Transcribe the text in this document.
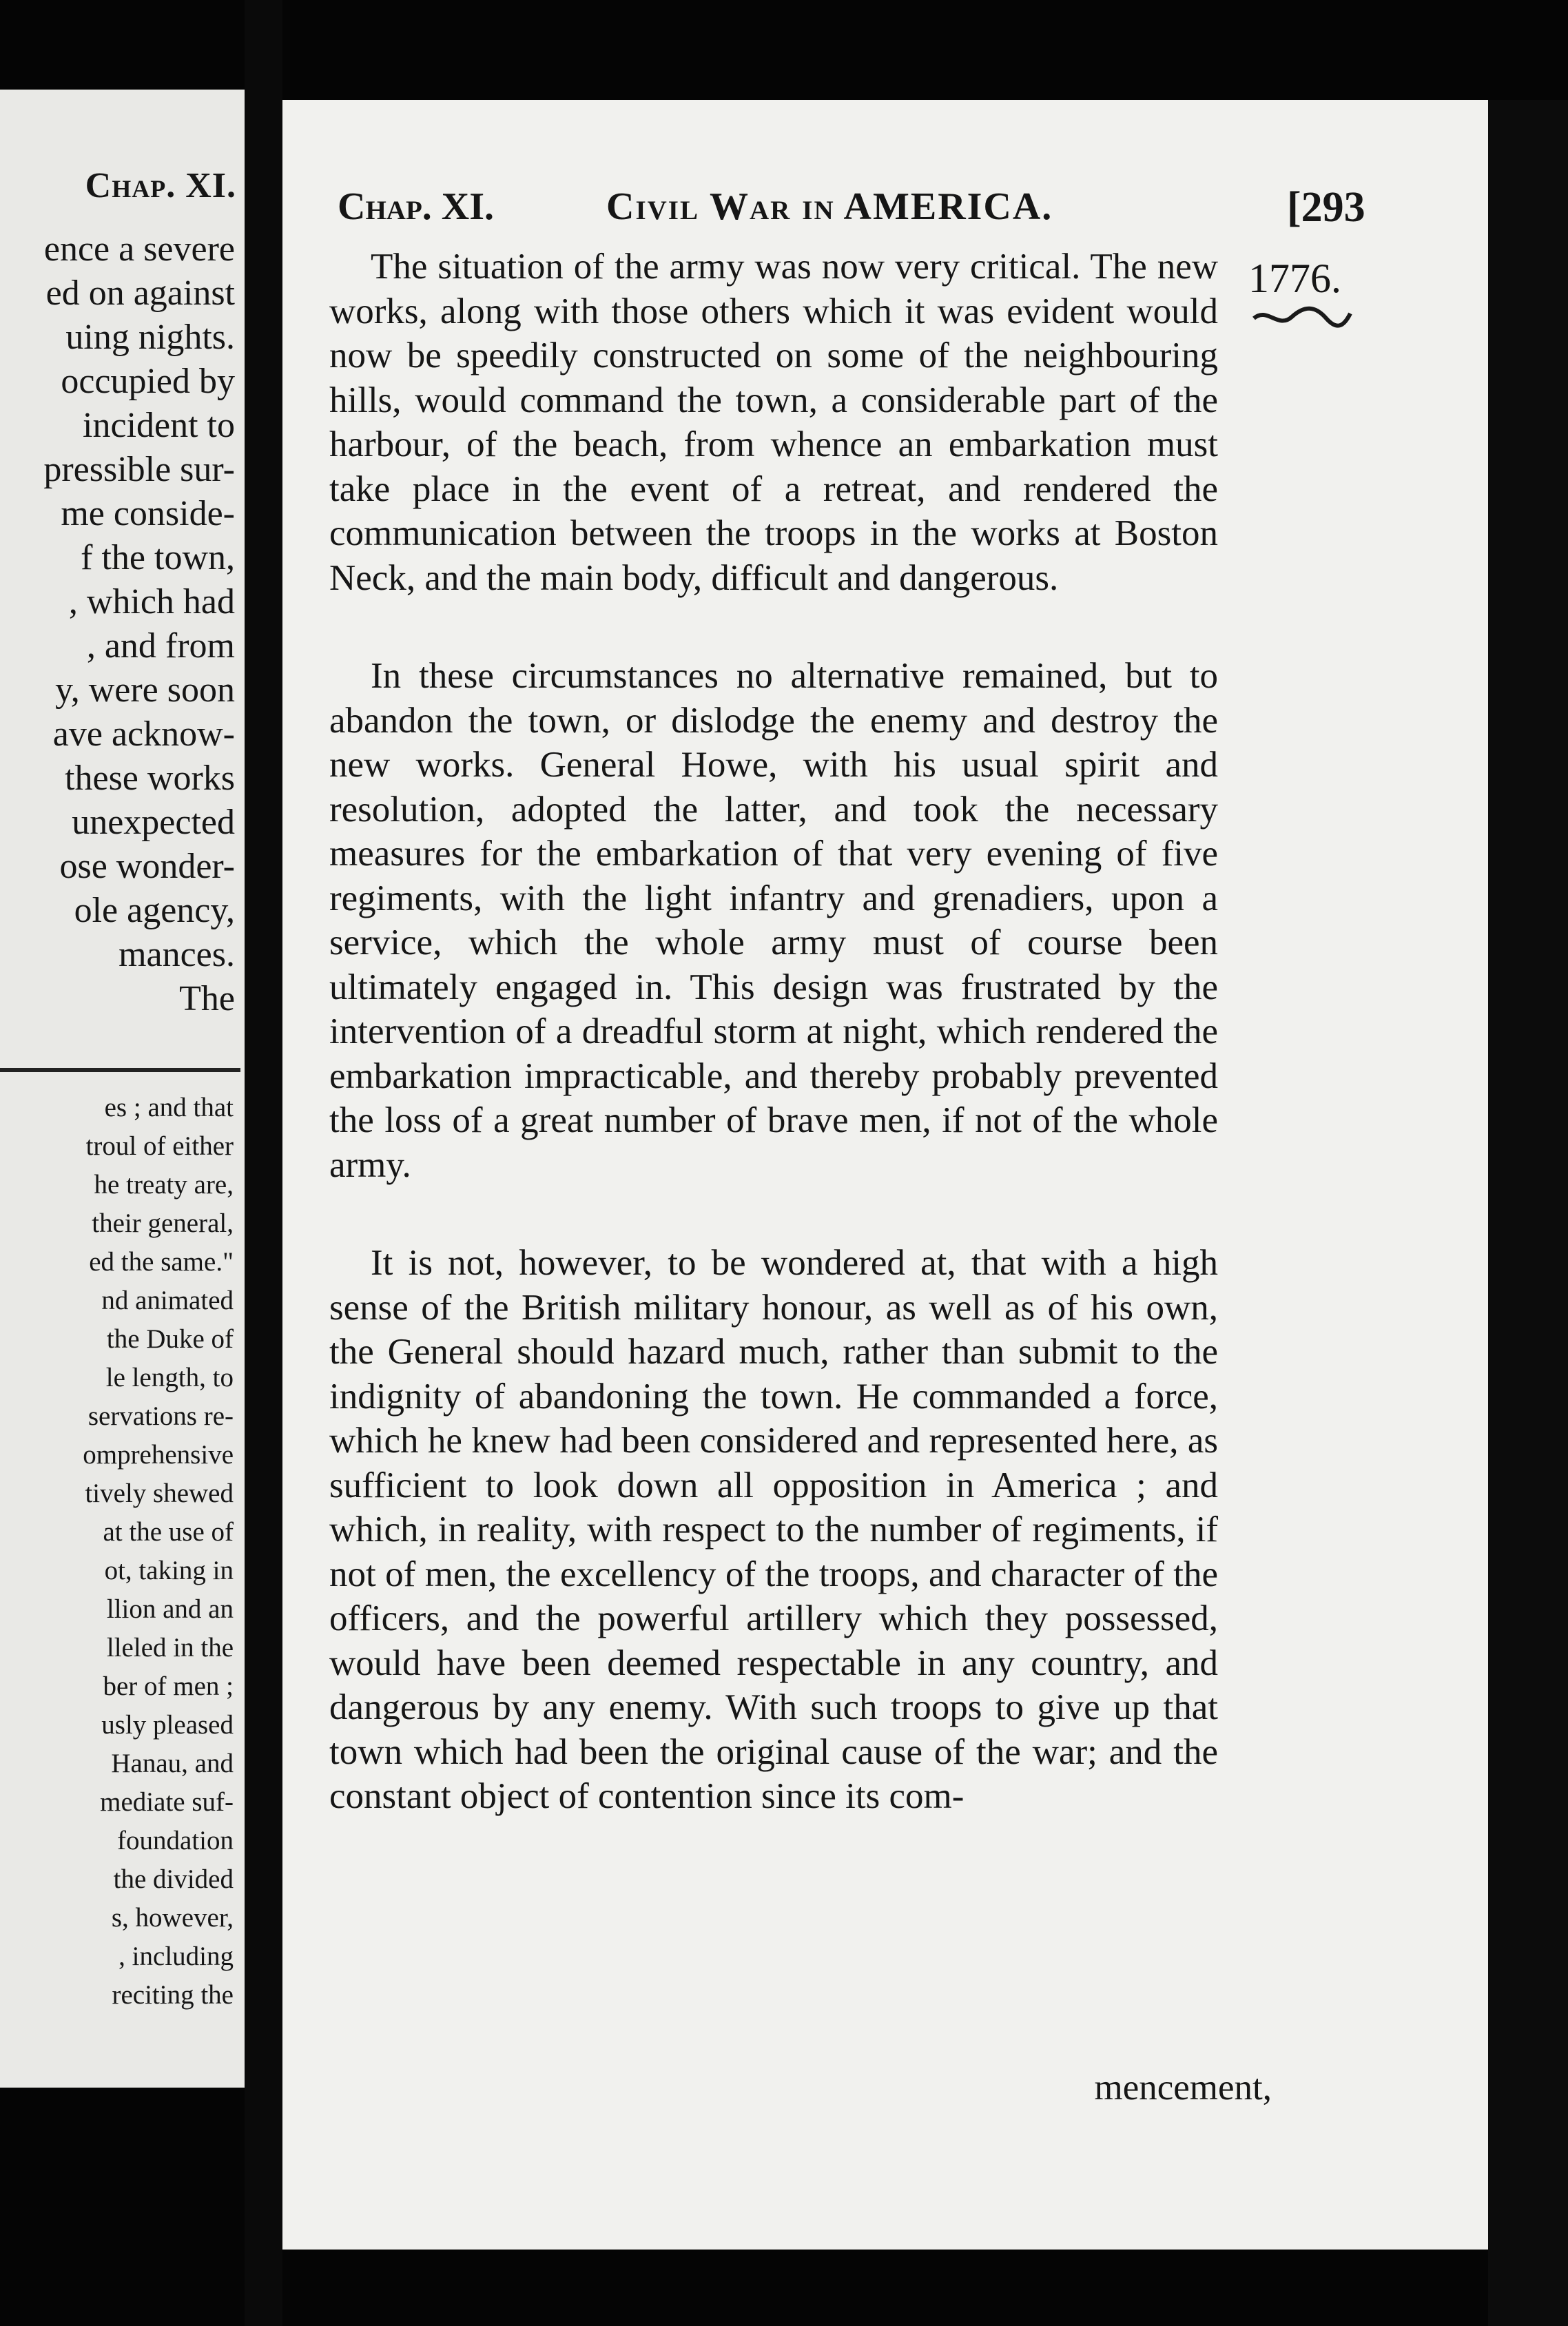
Chap. XI.
ence a severe
ed on against
uing nights.
occupied by
incident to
pressible sur-
me conside-
f the town,
, which had
, and from
y, were soon
ave acknow-
these works
unexpected
ose wonder-
ole agency,
mances.
The
es ; and that
troul of either
he treaty are,
their general,
ed the same."
nd animated
the Duke of
le length, to
servations re-
omprehensive
tively shewed
at the use of
ot, taking in
llion and an
lleled in the
ber of men ;
usly pleased
Hanau, and
mediate suf-
foundation
the divided
s, however,
, including
reciting the
Chap. XI.	Civil War in AMERICA.	[293
1776.

The situation of the army was now very critical. The new works, along with those others which it was evident would now be speedily constructed on some of the neighbouring hills, would command the town, a considerable part of the harbour, of the beach, from whence an embarkation must take place in the event of a retreat, and rendered the communication between the troops in the works at Boston Neck, and the main body, difficult and dangerous.

In these circumstances no alternative remained, but to abandon the town, or dislodge the enemy and destroy the new works. General Howe, with his usual spirit and resolution, adopted the latter, and took the necessary measures for the embarkation of that very evening of five regiments, with the light infantry and grenadiers, upon a service, which the whole army must of course been ultimately engaged in. This design was frustrated by the intervention of a dreadful storm at night, which rendered the embarkation impracticable, and thereby probably prevented the loss of a great number of brave men, if not of the whole army.

It is not, however, to be wondered at, that with a high sense of the British military honour, as well as of his own, the General should hazard much, rather than submit to the indignity of abandoning the town. He commanded a force, which he knew had been considered and represented here, as sufficient to look down all opposition in America ; and which, in reality, with respect to the number of regiments, if not of men, the excellency of the troops, and character of the officers, and the powerful artillery which they possessed, would have been deemed respectable in any country, and dangerous by any enemy. With such troops to give up that town which had been the original cause of the war; and the constant object of contention since its com-

mencement,
